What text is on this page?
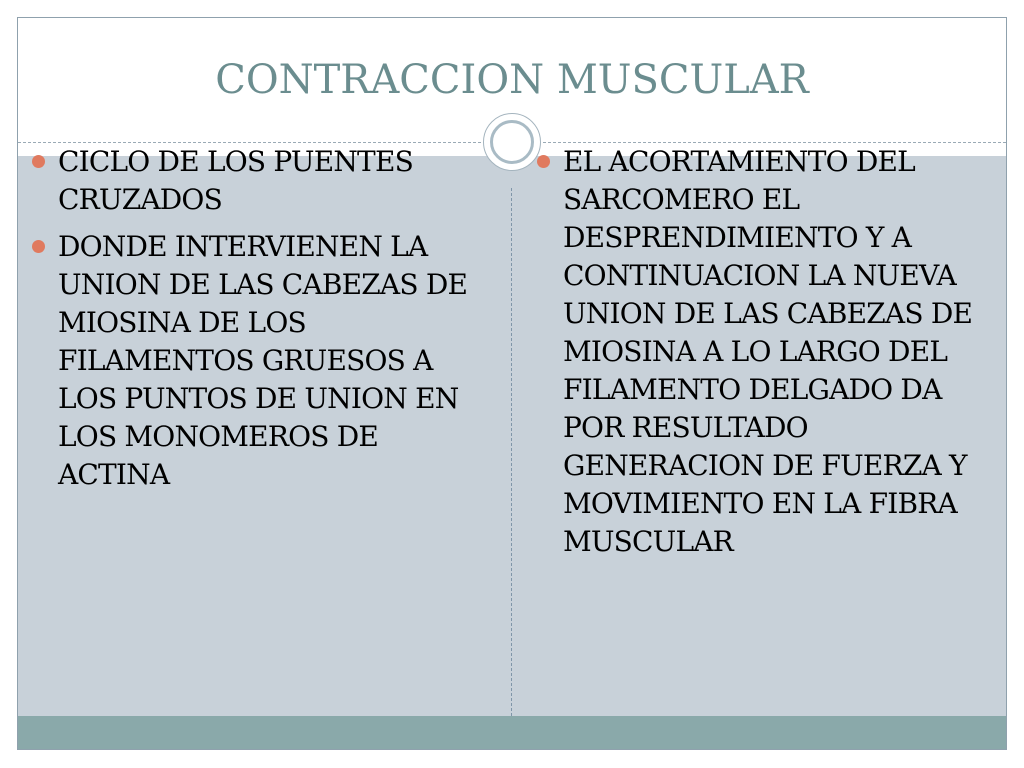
CONTRACCION MUSCULAR
CICLO DE LOS PUENTES CRUZADOS
DONDE INTERVIENEN LA UNION DE LAS CABEZAS DE MIOSINA DE LOS FILAMENTOS GRUESOS A LOS PUNTOS DE UNION EN LOS MONOMEROS DE ACTINA
EL ACORTAMIENTO DEL SARCOMERO EL DESPRENDIMIENTO Y A CONTINUACION LA NUEVA UNION DE LAS CABEZAS DE MIOSINA A LO LARGO DEL FILAMENTO DELGADO DA POR RESULTADO GENERACION DE FUERZA Y MOVIMIENTO EN LA FIBRA MUSCULAR
